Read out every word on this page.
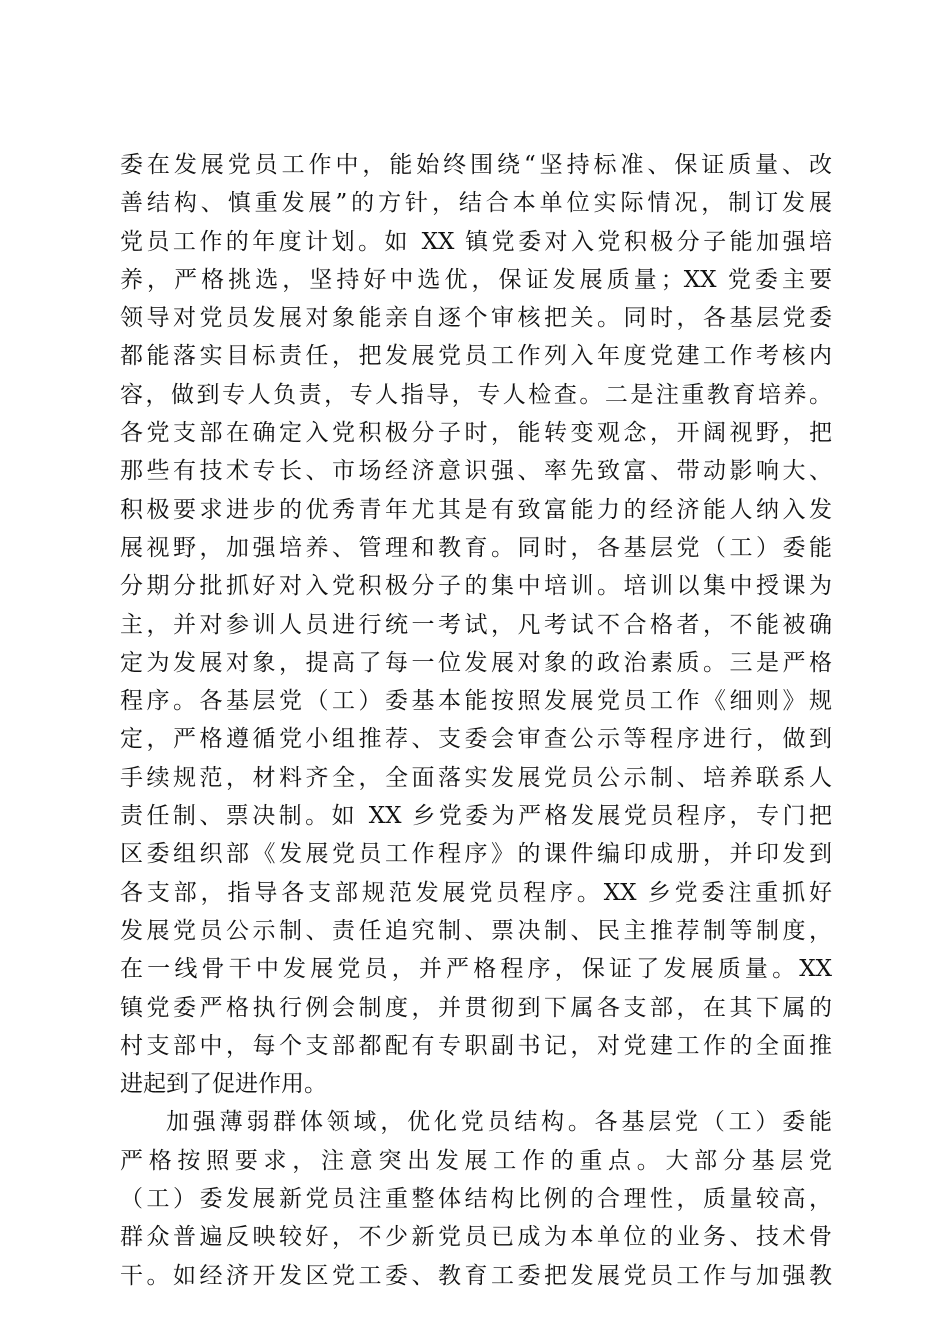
委在发展党员工作中，能始终围绕“坚持标准、保证质量、改
善结构、慎重发展”的方针，结合本单位实际情况，制订发展
党员工作的年度计划。如 XX 镇党委对入党积极分子能加强培
养，严格挑选，坚持好中选优，保证发展质量；XX 党委主要
领导对党员发展对象能亲自逐个审核把关。同时，各基层党委
都能落实目标责任，把发展党员工作列入年度党建工作考核内
容，做到专人负责，专人指导，专人检查。二是注重教育培养。
各党支部在确定入党积极分子时，能转变观念，开阔视野，把
那些有技术专长、市场经济意识强、率先致富、带动影响大、
积极要求进步的优秀青年尤其是有致富能力的经济能人纳入发
展视野，加强培养、管理和教育。同时，各基层党（工）委能
分期分批抓好对入党积极分子的集中培训。培训以集中授课为
主，并对参训人员进行统一考试，凡考试不合格者，不能被确
定为发展对象，提高了每一位发展对象的政治素质。三是严格
程序。各基层党（工）委基本能按照发展党员工作《细则》规
定，严格遵循党小组推荐、支委会审查公示等程序进行，做到
手续规范，材料齐全，全面落实发展党员公示制、培养联系人
责任制、票决制。如 XX 乡党委为严格发展党员程序，专门把
区委组织部《发展党员工作程序》的课件编印成册，并印发到
各支部，指导各支部规范发展党员程序。XX 乡党委注重抓好
发展党员公示制、责任追究制、票决制、民主推荐制等制度，
在一线骨干中发展党员，并严格程序，保证了发展质量。XX
镇党委严格执行例会制度，并贯彻到下属各支部，在其下属的
村支部中，每个支部都配有专职副书记，对党建工作的全面推
进起到了促进作用。
加强薄弱群体领域，优化党员结构。各基层党（工）委能
严格按照要求，注意突出发展工作的重点。大部分基层党
（工）委发展新党员注重整体结构比例的合理性，质量较高，
群众普遍反映较好，不少新党员已成为本单位的业务、技术骨
干。如经济开发区党工委、教育工委把发展党员工作与加强教
